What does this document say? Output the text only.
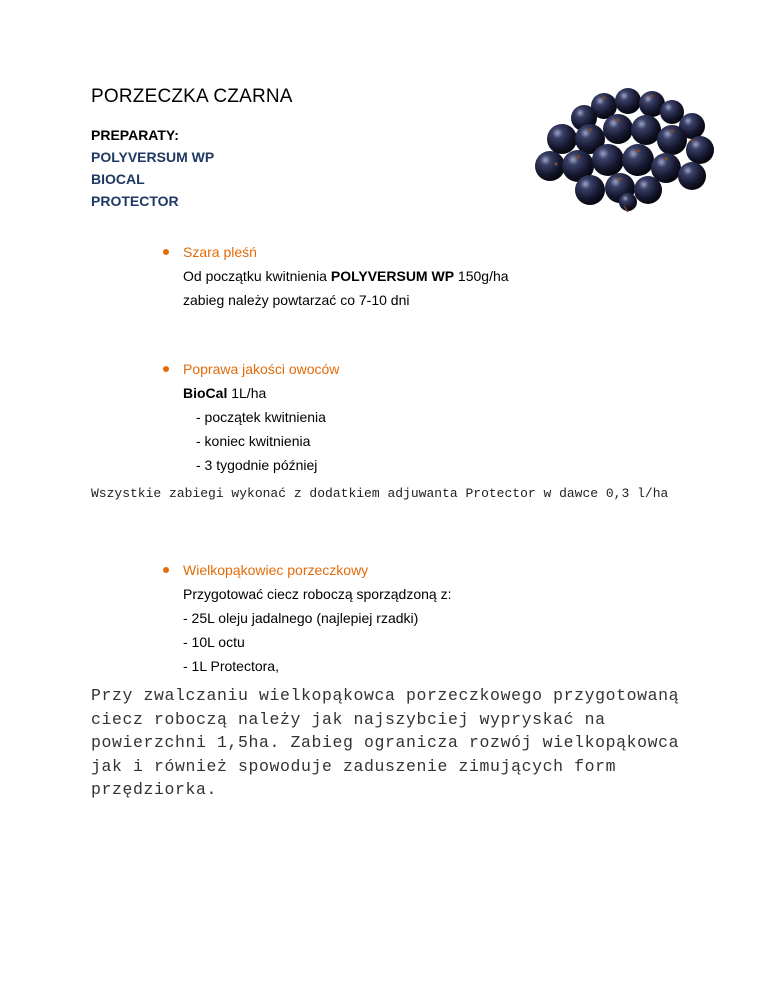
PORZECZKA CZARNA
PREPARATY:
POLYVERSUM WP
BIOCAL
PROTECTOR
Szara pleśń
Od początku kwitnienia POLYVERSUM WP 150g/ha
zabieg należy powtarzać co 7-10 dni
Poprawa jakości owoców
BioCal 1L/ha
- początek kwitnienia
- koniec kwitnienia
- 3 tygodnie później
Wszystkie zabiegi wykonać z dodatkiem adjuwanta Protector w dawce 0,3 l/ha
Wielkopąkowiec porzeczkowy
Przygotować ciecz roboczą sporządzoną z:
- 25L oleju jadalnego (najlepiej rzadki)
- 10L octu
- 1L Protectora,
Przy zwalczaniu wielkopąkowca porzeczkowego przygotowaną ciecz roboczą należy jak najszybciej wypryskać na powierzchni 1,5ha. Zabieg ogranicza rozwój wielkopąkowca jak i również spowoduje zaduszenie zimujących form przędziorka.
